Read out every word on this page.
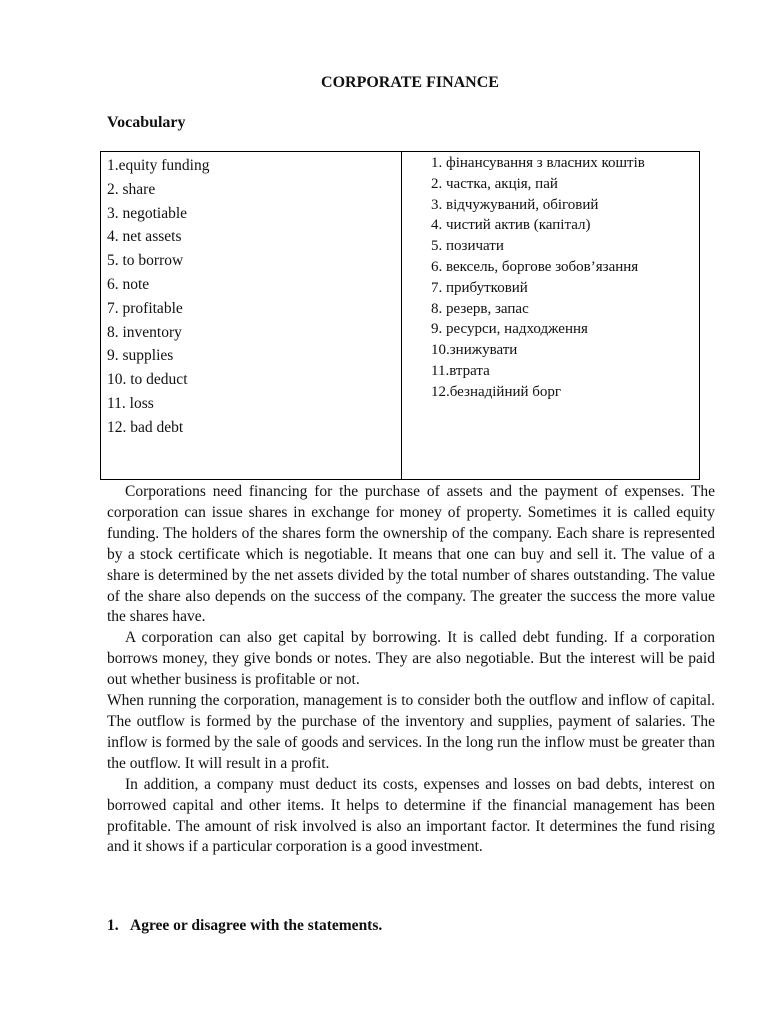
CORPORATE FINANCE
Vocabulary
1.equity funding
2. share
3. negotiable
4. net assets
5. to borrow
6. note
7. profitable
8. inventory
9. supplies
10. to deduct
11. loss
12. bad debt
1. фінансування з власних коштів
2. частка, акція, пай
3. відчужуваний, обіговий
4. чистий актив (капітал)
5. позичати
6. вексель, боргове зобов’язання
7. прибутковий
8. резерв, запас
9. ресурси, надходження
10.знижувати
11.втрата
12.безнадійний борг

Corporations need financing for the purchase of assets and the payment of expenses. The corporation can issue shares in exchange for money of property. Sometimes it is called equity funding. The holders of the shares form the ownership of the company. Each share is represented by a stock certificate which is negotiable. It means that one can buy and sell it. The value of a share is determined by the net assets divided by the total number of shares outstanding. The value of the share also depends on the success of the company. The greater the success the more value the shares have.

A corporation can also get capital by borrowing. It is called debt funding. If a corporation borrows money, they give bonds or notes. They are also negotiable. But the interest will be paid out whether business is profitable or not.

When running the corporation, management is to consider both the outflow and inflow of capital. The outflow is formed by the purchase of the inventory and supplies, payment of salaries. The inflow is formed by the sale of goods and services. In the long run the inflow must be greater than the outflow. It will result in a profit.

In addition, a company must deduct its costs, expenses and losses on bad debts, interest on borrowed capital and other items. It helps to determine if the financial management has been profitable. The amount of risk involved is also an important factor. It determines the fund rising and it shows if a particular corporation is a good investment.

1. Agree or disagree with the statements.
